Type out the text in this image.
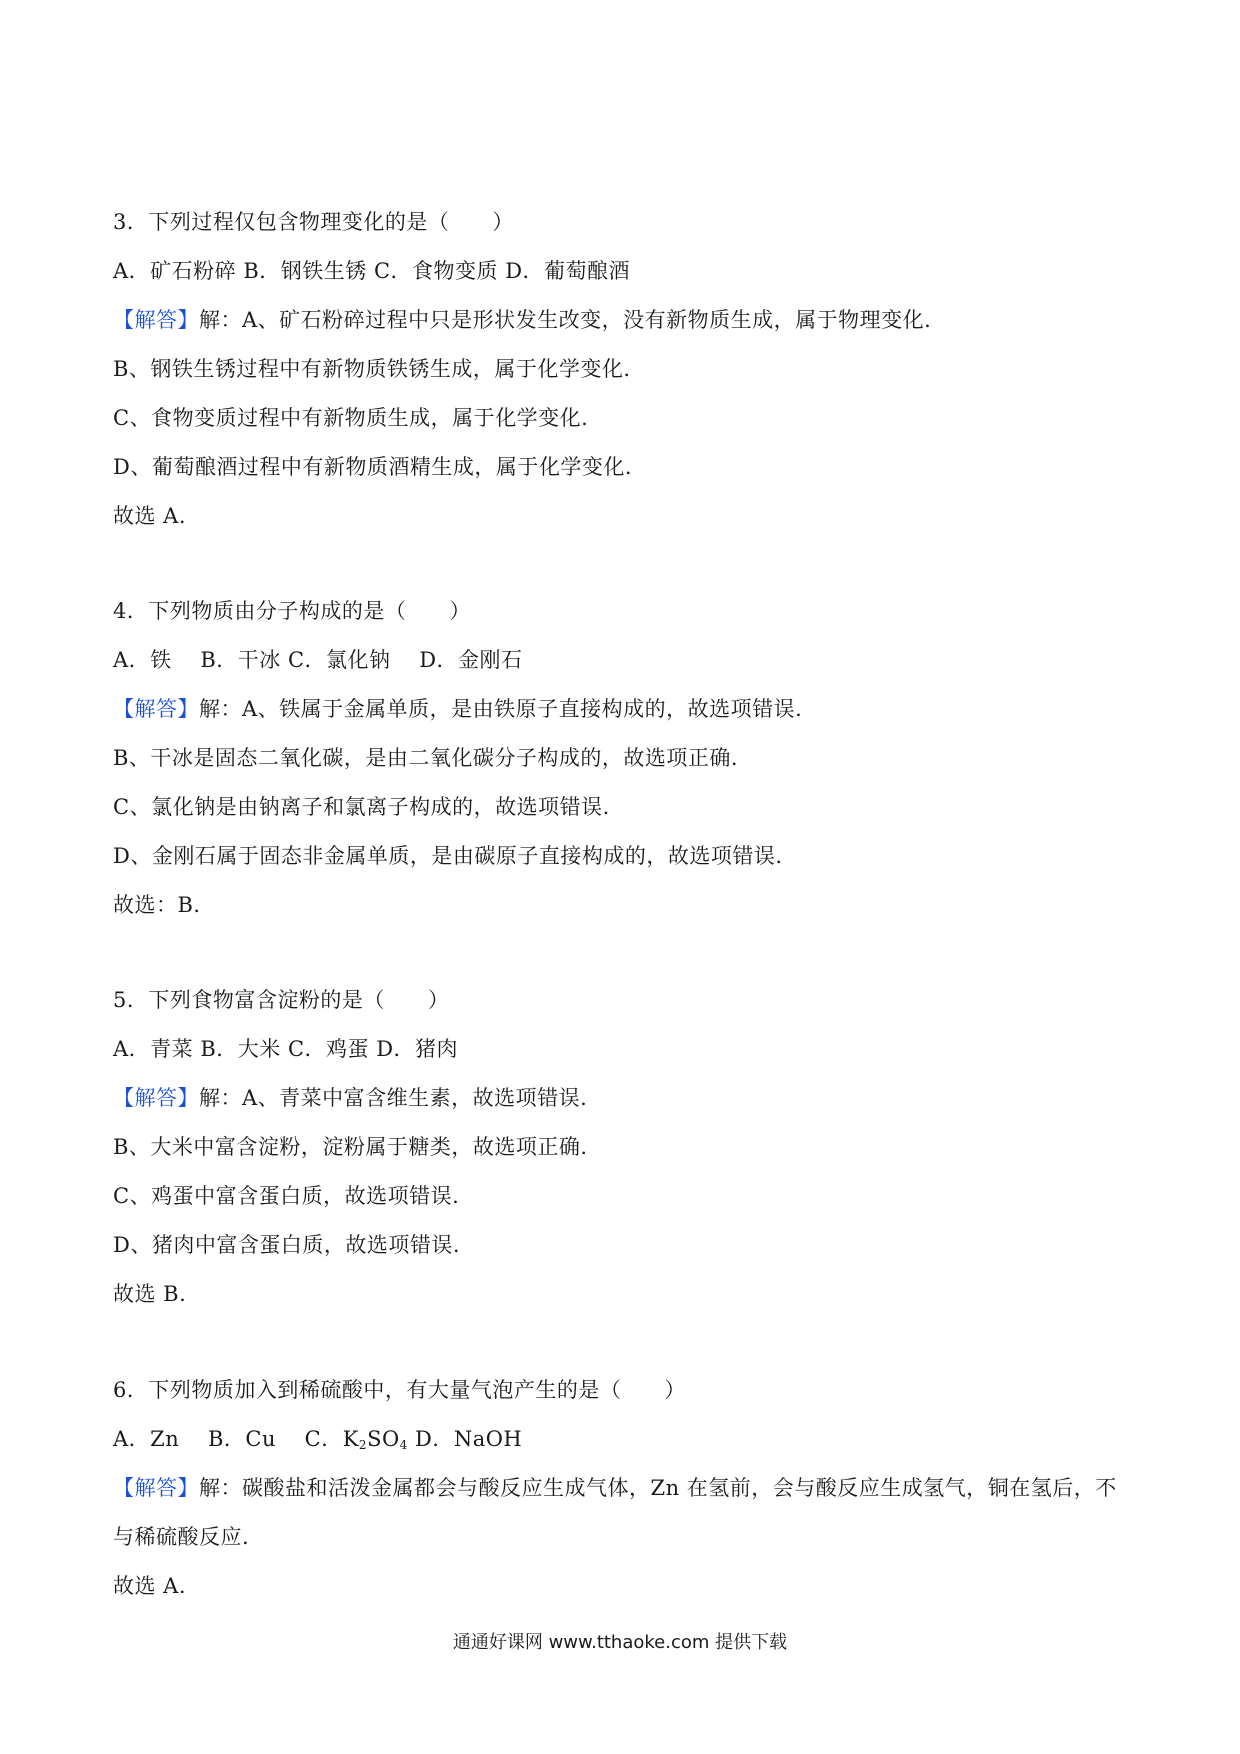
3．下列过程仅包含物理变化的是（　　）
A．矿石粉碎 B．钢铁生锈 C．食物变质 D．葡萄酿酒
【解答】解：A、矿石粉碎过程中只是形状发生改变，没有新物质生成，属于物理变化.
B、钢铁生锈过程中有新物质铁锈生成，属于化学变化.
C、食物变质过程中有新物质生成，属于化学变化.
D、葡萄酿酒过程中有新物质酒精生成，属于化学变化.
故选 A.
4．下列物质由分子构成的是（　　）
A．铁　 B．干冰 C．氯化钠　 D．金刚石
【解答】解：A、铁属于金属单质，是由铁原子直接构成的，故选项错误.
B、干冰是固态二氧化碳，是由二氧化碳分子构成的，故选项正确.
C、氯化钠是由钠离子和氯离子构成的，故选项错误.
D、金刚石属于固态非金属单质，是由碳原子直接构成的，故选项错误.
故选：B.
5．下列食物富含淀粉的是（　　）
A．青菜 B．大米 C．鸡蛋 D．猪肉
【解答】解：A、青菜中富含维生素，故选项错误.
B、大米中富含淀粉，淀粉属于糖类，故选项正确.
C、鸡蛋中富含蛋白质，故选项错误.
D、猪肉中富含蛋白质，故选项错误.
故选 B.
6．下列物质加入到稀硫酸中，有大量气泡产生的是（　　）
A．Zn　 B．Cu　 C．$K_2SO_4$ D．NaOH
【解答】解：碳酸盐和活泼金属都会与酸反应生成气体，Zn 在氢前，会与酸反应生成氢气，铜在氢后，不
与稀硫酸反应.
故选 A.
通通好课网 www.tthaoke.com 提供下载
